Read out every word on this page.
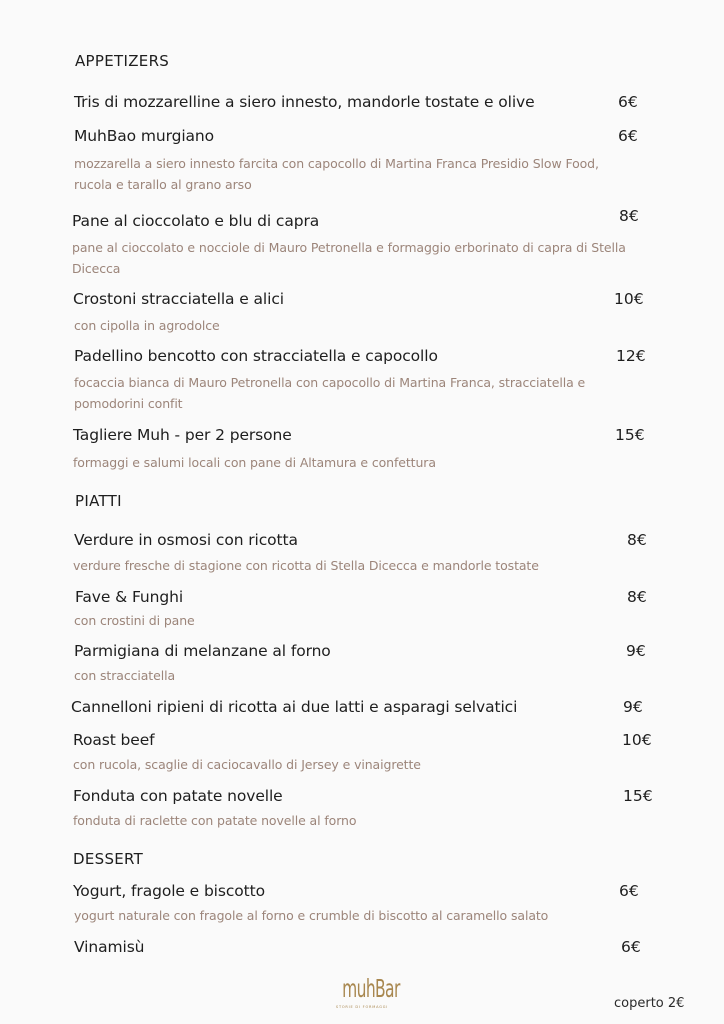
APPETIZERS
Tris di mozzarelline a siero innesto, mandorle tostate e olive	6€
MuhBao murgiano	6€
mozzarella a siero innesto farcita con capocollo di Martina Franca Presidio Slow Food, rucola e tarallo al grano arso
Pane al cioccolato e blu di capra	8€
pane al cioccolato e nocciole di Mauro Petronella e formaggio erborinato di capra di Stella Dicecca
Crostoni stracciatella e alici	10€
con cipolla in agrodolce
Padellino bencotto con stracciatella e capocollo	12€
focaccia bianca di Mauro Petronella con capocollo di Martina Franca, stracciatella e pomodorini confit
Tagliere Muh - per 2 persone	15€
formaggi e salumi locali con pane di Altamura e confettura
PIATTI
Verdure in osmosi con ricotta	8€
verdure fresche di stagione con ricotta di Stella Dicecca e mandorle tostate
Fave & Funghi	8€
con crostini di pane
Parmigiana di melanzane al forno	9€
con stracciatella
Cannelloni ripieni di ricotta ai due latti e asparagi selvatici	9€
Roast beef	10€
con rucola, scaglie di caciocavallo di Jersey e vinaigrette
Fonduta con patate novelle	15€
fonduta di raclette con patate novelle al forno
DESSERT
Yogurt, fragole e biscotto	6€
yogurt naturale con fragole al forno e crumble di biscotto al caramello salato
Vinamisù	6€
muhBar
STORIE DI FORMAGGI	coperto 2€
